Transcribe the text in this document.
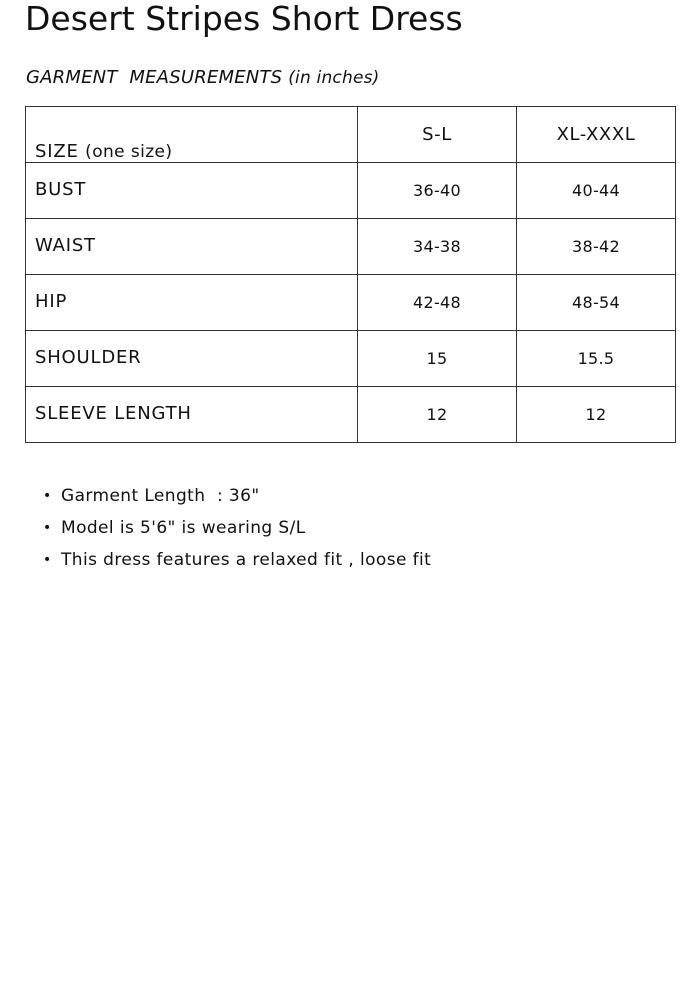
Desert Stripes Short Dress

GARMENT  MEASUREMENTS (in inches)

SIZE (one size)	S-L	XL-XXXL
BUST	36-40	40-44
WAIST	34-38	38-42
HIP	42-48	48-54
SHOULDER	15	15.5
SLEEVE LENGTH	12	12
• Garment Length  : 36"
• Model is 5'6" is wearing S/L
• This dress features a relaxed fit , loose fit
